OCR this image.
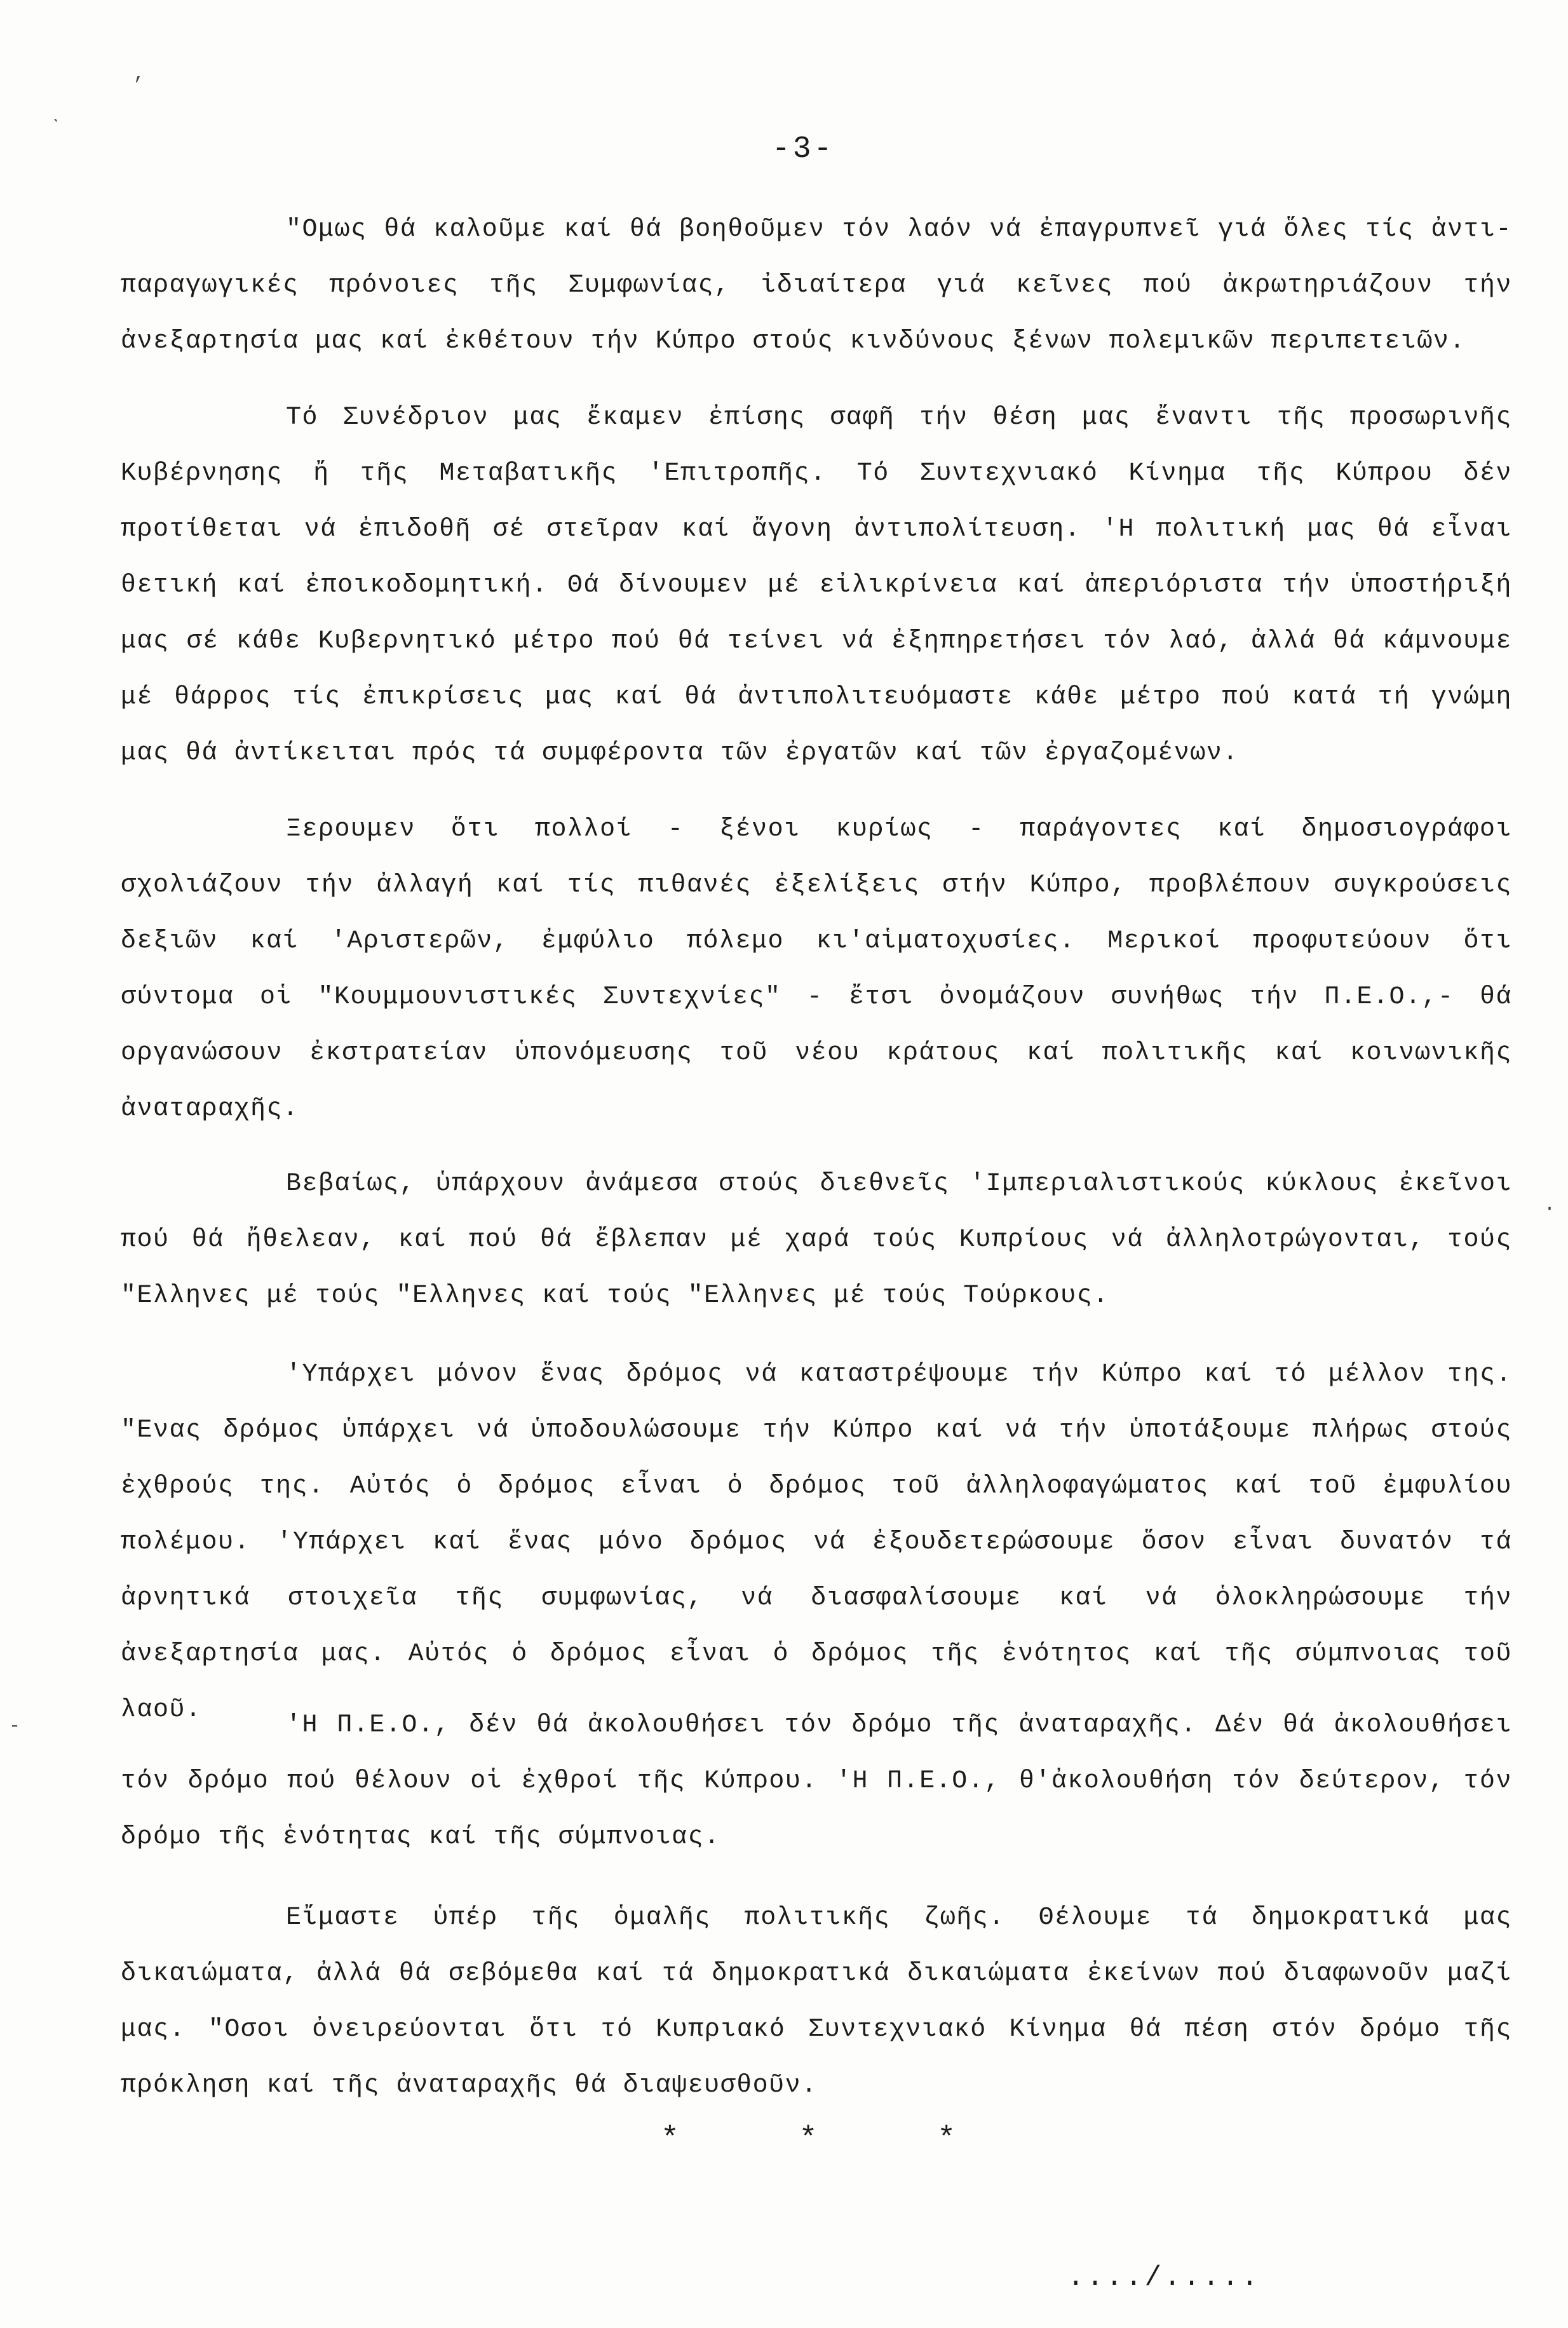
,
ˋ
-3-

"Ομως θά καλοῦμε καί θά βοηθοῦμεν τόν λαόν νά ἐπαγρυπνεῖ γιά ὅλες τίς ἀντι-παραγωγικές πρόνοιες τῆς Συμφωνίας, ἰδιαίτερα γιά κεῖνες πού ἀκρωτηριάζουν τήν ἀνεξαρτησία μας καί ἐκθέτουν τήν Κύπρο στούς κινδύνους ξένων πολεμικῶν περιπετειῶν.

Τό Συνέδριον μας ἔκαμεν ἐπίσης σαφῆ τήν θέση μας ἔναντι τῆς προσωρινῆς Κυβέρνησης ἤ τῆς Μεταβατικῆς 'Επιτροπῆς. Τό Συντεχνιακό Κίνημα τῆς Κύπρου δέν προτίθεται νά ἐπιδοθῆ σέ στεῖραν καί ἄγονη ἀντιπολίτευση. 'Η πολιτική μας θά εἶναι θετική καί ἐποικοδομητική. Θά δίνουμεν μέ εἰλικρίνεια καί ἀπεριόριστα τήν ὑποστήριξή μας σέ κάθε Κυβερνητικό μέτρο πού θά τείνει νά ἐξηπηρετήσει τόν λαό, ἀλλά θά κάμνουμε μέ θάρρος τίς ἐπικρίσεις μας καί θά ἀντιπολιτευόμαστε κάθε μέτρο πού κατά τή γνώμη μας θά ἀντίκειται πρός τά συμφέροντα τῶν ἐργατῶν καί τῶν ἐργαζομένων.

Ξερουμεν ὅτι πολλοί - ξένοι κυρίως - παράγοντες καί δημοσιογράφοι σχολιάζουν τήν ἀλλαγή καί τίς πιθανές ἐξελίξεις στήν Κύπρο, προβλέπουν συγκρούσεις δεξιῶν καί 'Αριστερῶν, ἐμφύλιο πόλεμο κι'αἱματοχυσίες. Μερικοί προφυτεύουν ὅτι σύντομα οἱ "Κουμμουνιστικές Συντεχνίες" - ἔτσι ὀνομάζουν συνήθως τήν Π.Ε.Ο.,- θά οργανώσουν ἐκστρατείαν ὑπονόμευσης τοῦ νέου κράτους καί πολιτικῆς καί κοινωνικῆς ἀναταραχῆς.

Βεβαίως, ὑπάρχουν ἀνάμεσα στούς διεθνεῖς 'Ιμπεριαλιστικούς κύκλους ἐκεῖνοι πού θά ἤθελεαν, καί πού θά ἔβλεπαν μέ χαρά τούς Κυπρίους νά ἀλληλοτρώγονται, τούς "Ελληνες μέ τούς "Ελληνες καί τούς "Ελληνες μέ τούς Τούρκους.

'Υπάρχει μόνον ἕνας δρόμος νά καταστρέψουμε τήν Κύπρο καί τό μέλλον της. "Ενας δρόμος ὑπάρχει νά ὑποδουλώσουμε τήν Κύπρο καί νά τήν ὑποτάξουμε πλήρως στούς ἐχθρούς της. Αὐτός ὁ δρόμος εἶναι ὁ δρόμος τοῦ ἀλληλοφαγώματος καί τοῦ ἐμφυλίου πολέμου. 'Υπάρχει καί ἕνας μόνο δρόμος νά ἐξουδετερώσουμε ὅσον εἶναι δυνατόν τά ἀρνητικά στοιχεῖα τῆς συμφωνίας, νά διασφαλίσουμε καί νά ὁλοκληρώσουμε τήν ἀνεξαρτησία μας. Αὐτός ὁ δρόμος εἶναι ὁ δρόμος τῆς ἑνότητος καί τῆς σύμπνοιας τοῦ λαοῦ.

'Η Π.Ε.Ο., δέν θά ἀκολουθήσει τόν δρόμο τῆς ἀναταραχῆς. Δέν θά ἀκολουθήσει τόν δρόμο πού θέλουν οἱ ἐχθροί τῆς Κύπρου. 'Η Π.Ε.Ο., θ'ἀκολουθήση τόν δεύτερον, τόν δρόμο τῆς ἑνότητας καί τῆς σύμπνοιας.

Εἴμαστε ὑπέρ τῆς ὁμαλῆς πολιτικῆς ζωῆς. Θέλουμε τά δημοκρατικά μας δικαιώματα, ἀλλά θά σεβόμεθα καί τά δημοκρατικά δικαιώματα ἐκείνων πού διαφωνοῦν μαζί μας. "Οσοι ὀνειρεύονται ὅτι τό Κυπριακό Συντεχνιακό Κίνημα θά πέση στόν δρόμο τῆς πρόκληση καί τῆς ἀναταραχῆς θά διαψευσθοῦν.

* * *
..../.....
-
.
